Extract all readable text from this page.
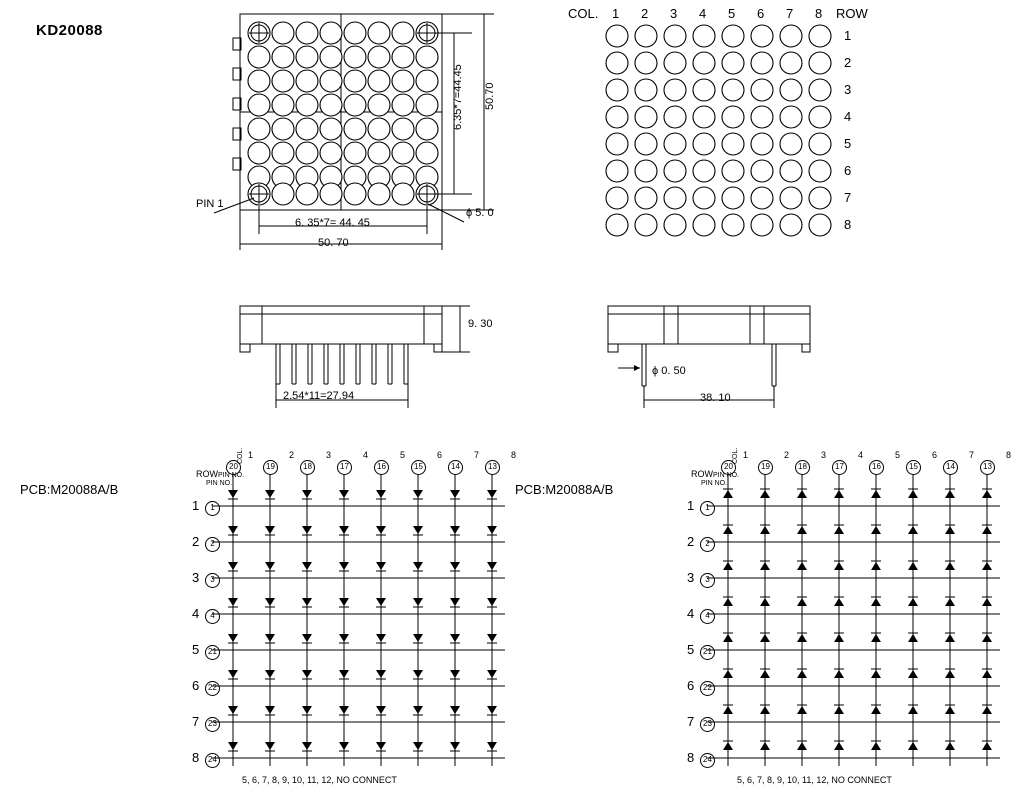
KD20088
6.35*7=44.45 50.70
6. 35*7= 44. 45
50. 70
PIN 1
ϕ 5. 0
COL. 1 2 3 4 5 6 7 8 ROW
1
2
3
4
5
6
7
8
9. 30
2.54*11=27.94
ϕ 0. 50
38. 10
PCB:M20088A/B
COL.
PIN NO.
ROW
PIN NO.
1	2	3	4	5	6	7	8
20	19	18	17	16	15	14	13
1	1
2	2
3	3
4	4
5	21
6	22
7	23
8	24
5, 6, 7, 8, 9, 10, 11, 12, NO CONNECT
PCB:M20088A/B
COL.
PIN NO.
ROW
PIN NO.
1	2	3	4	5	6	7	8
20	19	18	17	16	15	14	13
1	1
2	2
3	3
4	4
5	21
6	22
7	23
8	24
5, 6, 7, 8, 9, 10, 11, 12, NO CONNECT
